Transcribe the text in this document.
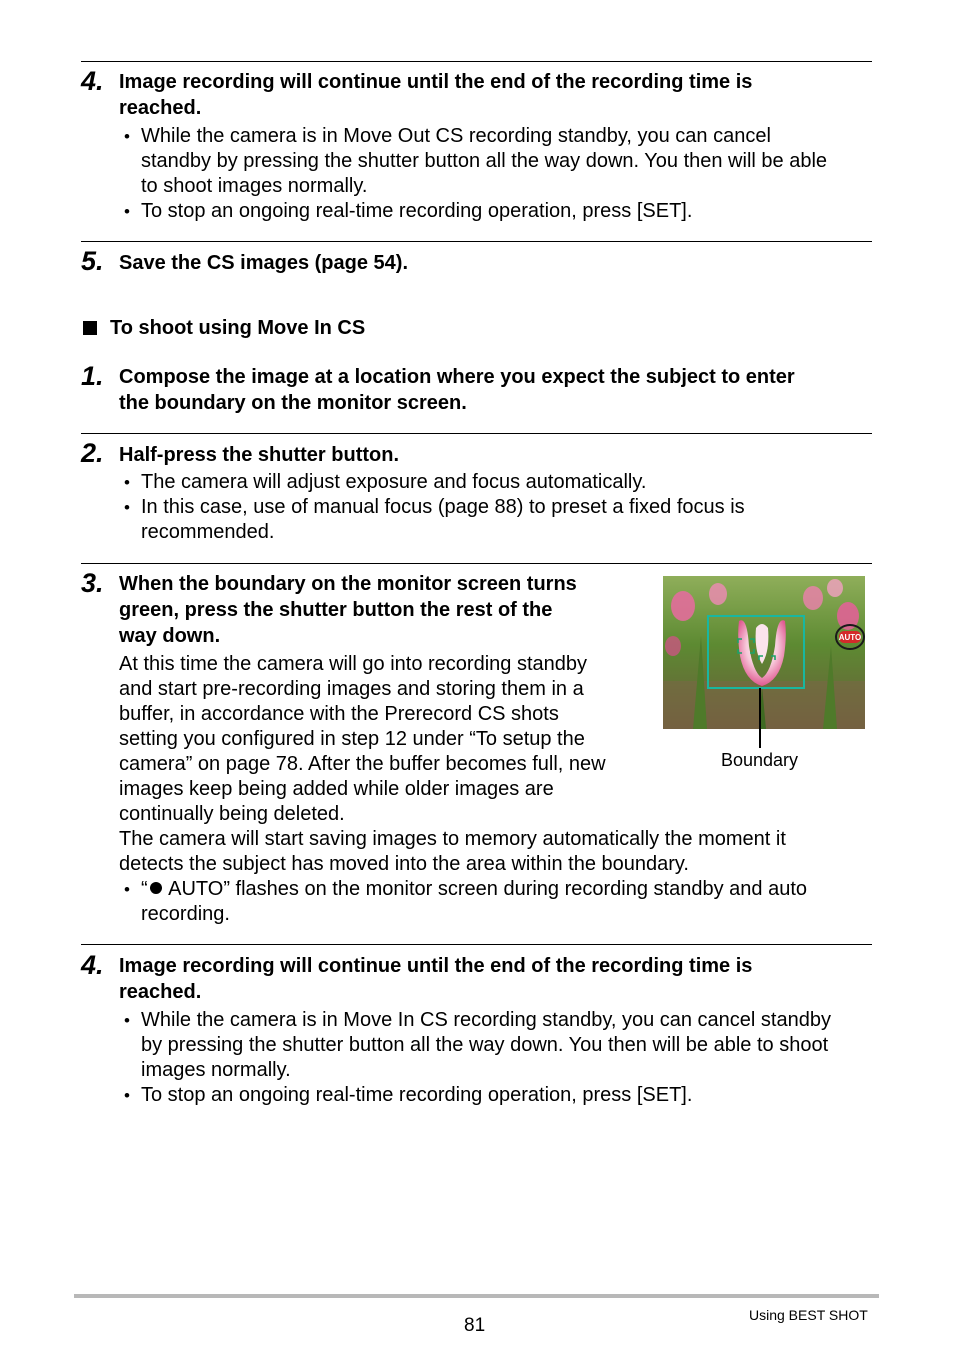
4. Image recording will continue until the end of the recording time is
reached.
• While the camera is in Move Out CS recording standby, you can cancel
standby by pressing the shutter button all the way down. You then will be able
to shoot images normally.
• To stop an ongoing real-time recording operation, press [SET].
5. Save the CS images (page 54).
To shoot using Move In CS
1. Compose the image at a location where you expect the subject to enter
the boundary on the monitor screen.
2. Half-press the shutter button.
• The camera will adjust exposure and focus automatically.
• In this case, use of manual focus (page 88) to preset a fixed focus is
recommended.
3. When the boundary on the monitor screen turns
green, press the shutter button the rest of the
way down.
At this time the camera will go into recording standby
and start pre-recording images and storing them in a
buffer, in accordance with the Prerecord CS shots
setting you configured in step 12 under “To setup the
camera” on page 78. After the buffer becomes full, new
images keep being added while older images are
continually being deleted.
The camera will start saving images to memory automatically the moment it
detects the subject has moved into the area within the boundary.
• “ AUTO” flashes on the monitor screen during recording standby and auto
recording.
AUTO
Boundary
4. Image recording will continue until the end of the recording time is
reached.
• While the camera is in Move In CS recording standby, you can cancel standby
by pressing the shutter button all the way down. You then will be able to shoot
images normally.
• To stop an ongoing real-time recording operation, press [SET].
81	Using BEST SHOT
